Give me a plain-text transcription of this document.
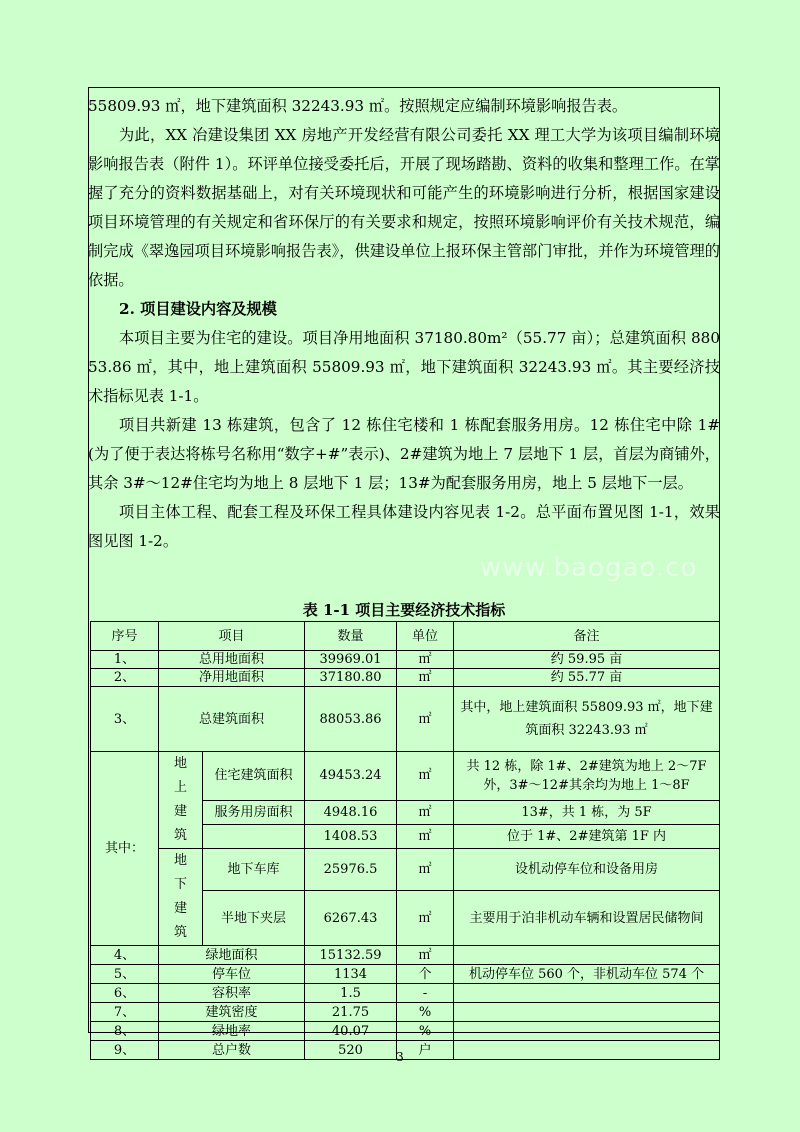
55809.93 ㎡，地下建筑面积 32243.93 ㎡。按照规定应编制环境影响报告表。

为此，XX 冶建设集团 XX 房地产开发经营有限公司委托 XX 理工大学为该项目编制环境影响报告表（附件 1）。环评单位接受委托后，开展了现场踏勘、资料的收集和整理工作。在掌握了充分的资料数据基础上，对有关环境现状和可能产生的环境影响进行分析，根据国家建设项目环境管理的有关规定和省环保厅的有关要求和规定，按照环境影响评价有关技术规范，编制完成《翠逸园项目环境影响报告表》，供建设单位上报环保主管部门审批，并作为环境管理的依据。

2. 项目建设内容及规模

本项目主要为住宅的建设。项目净用地面积 37180.80m²（55.77 亩）；总建筑面积 88053.86 ㎡，其中，地上建筑面积 55809.93 ㎡，地下建筑面积 32243.93 ㎡。其主要经济技术指标见表 1-1。

项目共新建 13 栋建筑，包含了 12 栋住宅楼和 1 栋配套服务用房。12 栋住宅中除 1#(为了便于表达将栋号名称用“数字+#”表示)、2#建筑为地上 7 层地下 1 层，首层为商铺外，其余 3#～12#住宅均为地上 8 层地下 1 层；13#为配套服务用房，地上 5 层地下一层。

项目主体工程、配套工程及环保工程具体建设内容见表 1-2。总平面布置见图 1-1，效果图见图 1-2。

www.baogao.co
表 1-1 项目主要经济技术指标
序号	项目		数量	单位	备注
1、	总用地面积		39969.01	㎡	约 59.95 亩
2、	净用地面积		37180.80	㎡	约 55.77 亩
3、	总建筑面积		88053.86	㎡	其中，地上建筑面积 55809.93 ㎡，地下建筑面积 32243.93 ㎡
其中：	地上建筑	住宅建筑面积	49453.24	㎡	共 12 栋，除 1#、2#建筑为地上 2～7F 外，3#～12#其余均为地上 1～8F
		服务用房面积	4948.16	㎡	13#，共 1 栋，为 5F
			1408.53	㎡	位于 1#、2#建筑第 1F 内
	地下建筑	地下车库	25976.5	㎡	设机动停车位和设备用房
		半地下夹层	6267.43	㎡	主要用于泊非机动车辆和设置居民储物间
4、	绿地面积		15132.59	㎡	
5、	停车位		1134	个	机动停车位 560 个，非机动车位 574 个
6、	容积率		1.5	-	
7、	建筑密度		21.75	%	
8、	绿地率		40.07	%	
9、	总户数		520	户	
3
